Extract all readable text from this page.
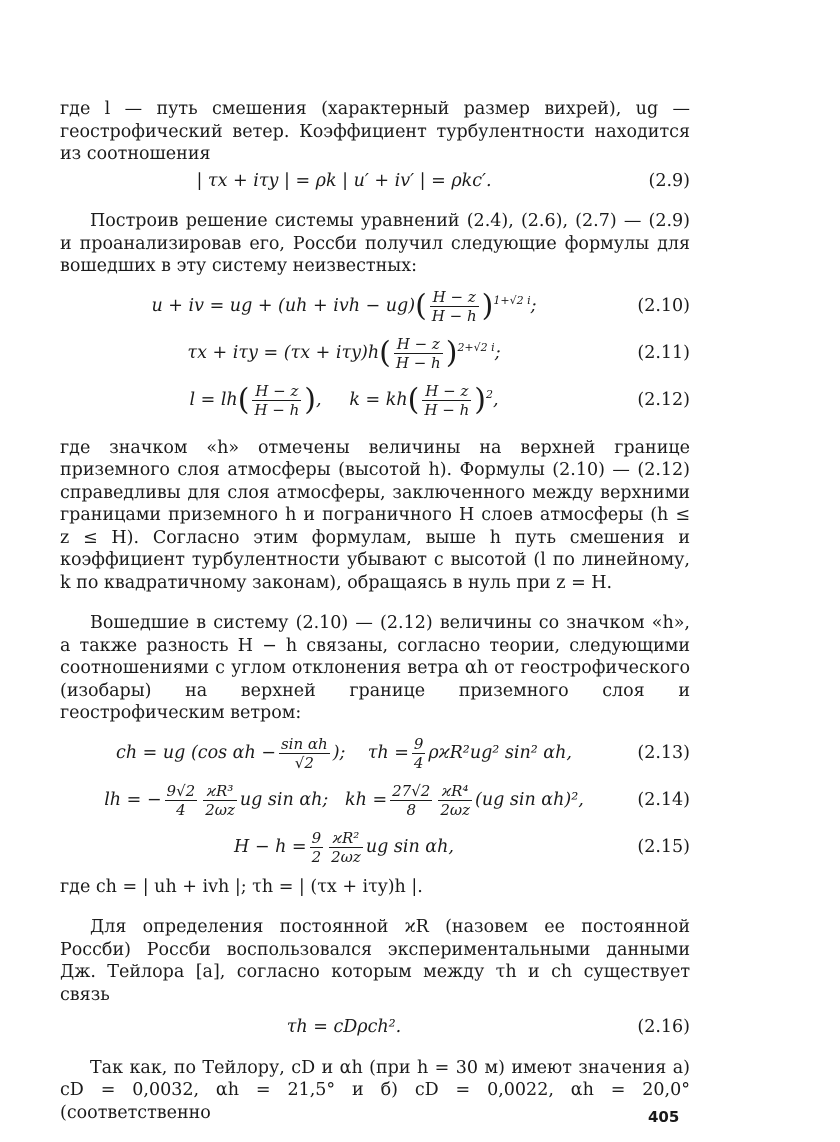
где l — путь смешения (характерный размер вихрей), ug — геострофический ветер. Коэффициент турбулентности находится из соотношения

| τx + iτy | = ρk | u′ + iv′ | = ρkc′.	(2.9)

Построив решение системы уравнений (2.4), (2.6), (2.7) — (2.9) и проанализировав его, Россби получил следующие формулы для вошедших в эту систему неизвестных:

u + iv = ug + (uh + ivh − $ug)( \frac{H - z}{H - h} )^{1+√2 i}$;	(2.10)
$\tau x + i\tau y = (\tau x + i\tau y)h( \frac{H - z}{H - h} )^{2+√2 i}$;	(2.11)
$l = lh( \frac{H - z}{H - h}$ ),     $k = kh( \frac{H - z}{H - h} )^2$,	(2.12)

где значком «h» отмечены величины на верхней границе приземного слоя атмосферы (высотой h). Формулы (2.10) — (2.12) справедливы для слоя атмосферы, заключенного между верхними границами приземного h и пограничного H слоев атмосферы (h ≤ z ≤ H). Согласно этим формулам, выше h путь смешения и коэффициент турбулентности убывают с высотой (l по линейному, k по квадратичному законам), обращаясь в нуль при z = H.

Вошедшие в систему (2.10) — (2.12) величины со значком «h», а также разность H − h связаны, согласно теории, следующими соотношениями с углом отклонения ветра αh от геострофического (изобары) на верхней границе приземного слоя и геострофическим ветром:

ch = ug (cos $\alpha h - \frac{\text{sin αh}}{√2}$ ); $\tau h = \frac{9}{4} \rho ϰR^2ug^2$ sin² αh,	(2.13)
lh = − $\frac{9√2}{4} \frac{\text{ϰR³}}{2\omega z}$ ug sin αh; kh = $\frac{27√2}{8} \frac{\text{ϰR⁴}}{2\omega z} (ug$ sin αh)²,	(2.14)
$H - h = \frac{9}{2} \frac{\text{ϰR²}}{2\omega z}$ ug sin αh,	(2.15)

где ch = | uh + ivh |; τh = | (τx + iτy)h |.

Для определения постоянной ϰR (назовем ее постоянной Россби) Россби воспользовался экспериментальными данными Дж. Тейлора [а], согласно которым между τh и ch существует связь

τh = cDρch².	(2.16)

Так как, по Тейлору, cD и αh (при h = 30 м) имеют значения а) cD = 0,0032, αh = 21,5° и б) cD = 0,0022, αh = 20,0° (соответственно	405
